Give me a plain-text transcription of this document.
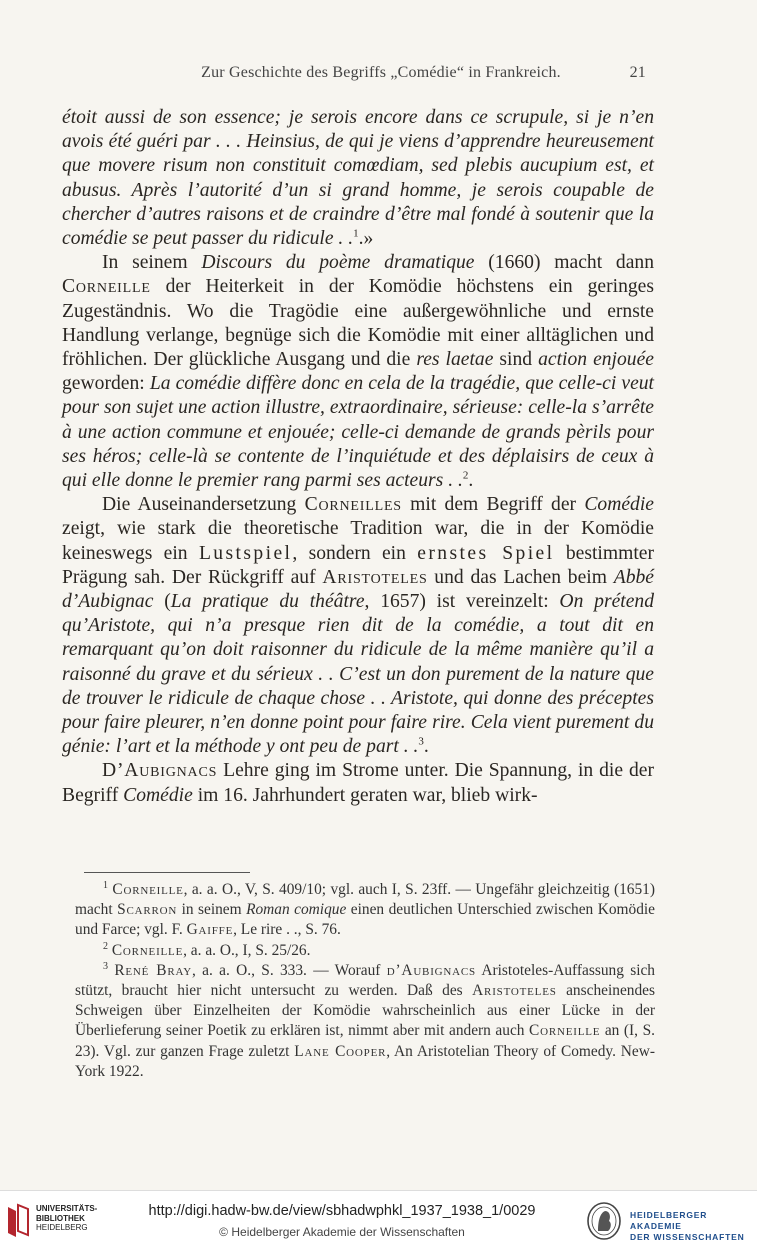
Zur Geschichte des Begriffs „Comédie“ in Frankreich.	21

étoit aussi de son essence; je serois encore dans ce scrupule, si je n’en avois été guéri par . . . Heinsius, de qui je viens d’apprendre heureusement que movere risum non constituit comœdiam, sed plebis aucupium est, et abusus. Après l’autorité d’un si grand homme, je serois coupable de chercher d’autres raisons et de craindre d’être mal fondé à soutenir que la comédie se peut passer du ridicule . .$^1$.»

In seinem Discours du poème dramatique (1660) macht dann Corneille der Heiterkeit in der Komödie höchstens ein geringes Zugeständnis. Wo die Tragödie eine außergewöhnliche und ernste Handlung verlange, begnüge sich die Komödie mit einer alltäglichen und fröhlichen. Der glückliche Ausgang und die res laetae sind action enjouée geworden: La comédie diffère donc en cela de la tragédie, que celle-ci veut pour son sujet une action illustre, extraordinaire, sérieuse: celle-la s’arrête à une action commune et enjouée; celle-ci demande de grands pèrils pour ses héros; celle-là se contente de l’inquiétude et des déplaisirs de ceux à qui elle donne le premier rang parmi ses acteurs . .$^2$.

Die Auseinandersetzung Corneilles mit dem Begriff der Comédie zeigt, wie stark die theoretische Tradition war, die in der Komödie keineswegs ein Lustspiel, sondern ein ernstes Spiel bestimmter Prägung sah. Der Rückgriff auf Aristoteles und das Lachen beim Abbé d’Aubignac (La pratique du théâtre, 1657) ist vereinzelt: On prétend qu’Aristote, qui n’a presque rien dit de la comédie, a tout dit en remarquant qu’on doit raisonner du ridicule de la même manière qu’il a raisonné du grave et du sérieux . . C’est un don purement de la nature que de trouver le ridicule de chaque chose . . Aristote, qui donne des préceptes pour faire pleurer, n’en donne point pour faire rire. Cela vient purement du génie: l’art et la méthode y ont peu de part . .$^3$.

D’Aubignacs Lehre ging im Strome unter. Die Spannung, in die der Begriff Comédie im 16. Jahrhundert geraten war, blieb wirk-

$^1$ Corneille, a. a. O., V, S. 409/10; vgl. auch I, S. 23ff. — Ungefähr gleichzeitig (1651) macht Scarron in seinem Roman comique einen deutlichen Unterschied zwischen Komödie und Farce; vgl. F. Gaiffe, Le rire . ., S. 76.

$^2$ Corneille, a. a. O., I, S. 25/26.

$^3$ René Bray, a. a. O., S. 333. — Worauf d’Aubignacs Aristoteles-Auffassung sich stützt, braucht hier nicht untersucht zu werden. Daß des Aristoteles anscheinendes Schweigen über Einzelheiten der Komödie wahrscheinlich aus einer Lücke in der Überlieferung seiner Poetik zu erklären ist, nimmt aber mit andern auch Corneille an (I, S. 23). Vgl. zur ganzen Frage zuletzt Lane Cooper, An Aristotelian Theory of Comedy. New-York 1922.

UNIVERSITÄTS-
BIBLIOTHEK
HEIDELBERG
http://digi.hadw-bw.de/view/sbhadwphkl_1937_1938_1/0029
© Heidelberger Akademie der Wissenschaften
HEIDELBERGER AKADEMIE
DER WISSENSCHAFTEN
